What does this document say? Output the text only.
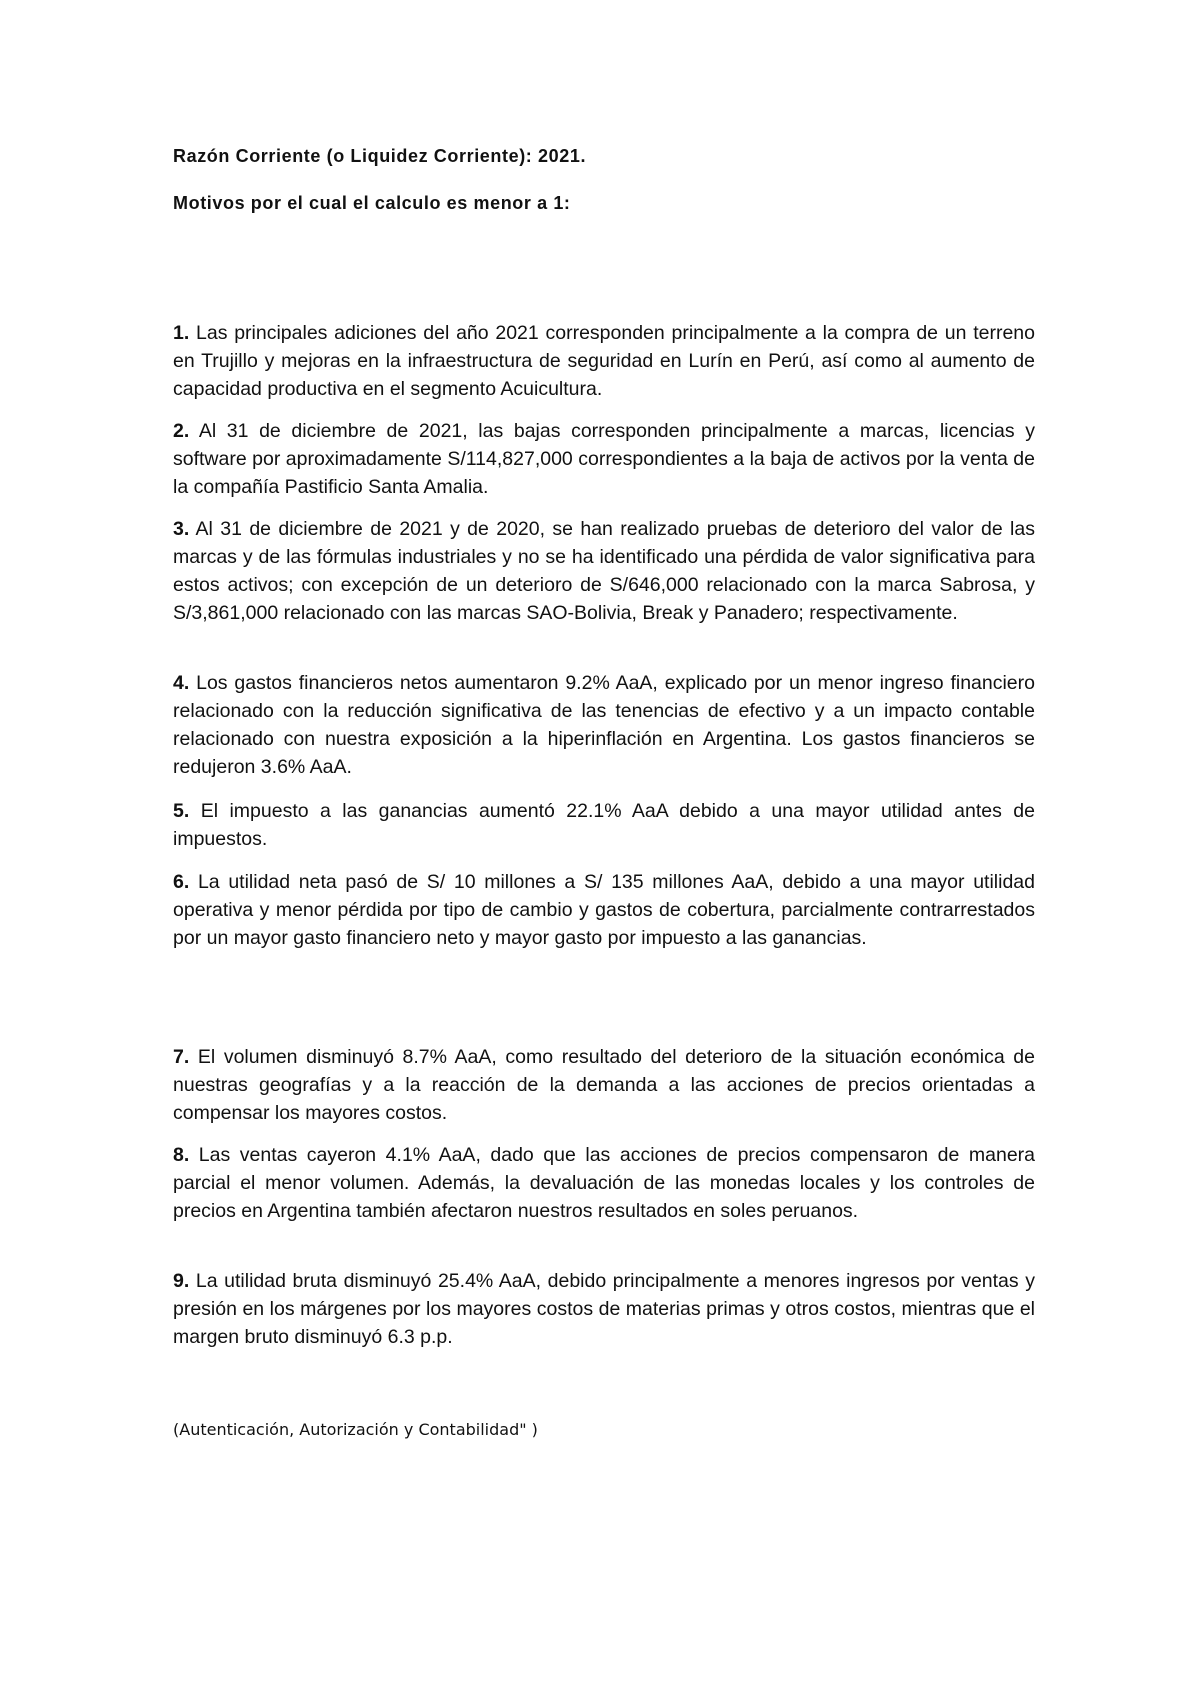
Razón Corriente (o Liquidez Corriente): 2021.
Motivos por el cual el calculo es menor a 1:

1. Las principales adiciones del año 2021 corresponden principalmente a la compra de un terreno en Trujillo y mejoras en la infraestructura de seguridad en Lurín en Perú, así como al aumento de capacidad productiva en el segmento Acuicultura.

2. Al 31 de diciembre de 2021, las bajas corresponden principalmente a marcas, licencias y software por aproximadamente S/114,827,000 correspondientes a la baja de activos por la venta de la compañía Pastificio Santa Amalia.

3. Al 31 de diciembre de 2021 y de 2020, se han realizado pruebas de deterioro del valor de las marcas y de las fórmulas industriales y no se ha identificado una pérdida de valor significativa para estos activos; con excepción de un deterioro de S/646,000 relacionado con la marca Sabrosa, y S/3,861,000 relacionado con las marcas SAO-Bolivia, Break y Panadero; respectivamente.

4. Los gastos financieros netos aumentaron 9.2% AaA, explicado por un menor ingreso financiero relacionado con la reducción significativa de las tenencias de efectivo y a un impacto contable relacionado con nuestra exposición a la hiperinflación en Argentina. Los gastos financieros se redujeron 3.6% AaA.

5. El impuesto a las ganancias aumentó 22.1% AaA debido a una mayor utilidad antes de impuestos.

6. La utilidad neta pasó de S/ 10 millones a S/ 135 millones AaA, debido a una mayor utilidad operativa y menor pérdida por tipo de cambio y gastos de cobertura, parcialmente contrarrestados por un mayor gasto financiero neto y mayor gasto por impuesto a las ganancias.

7. El volumen disminuyó 8.7% AaA, como resultado del deterioro de la situación económica de nuestras geografías y a la reacción de la demanda a las acciones de precios orientadas a compensar los mayores costos.

8. Las ventas cayeron 4.1% AaA, dado que las acciones de precios compensaron de manera parcial el menor volumen. Además, la devaluación de las monedas locales y los controles de precios en Argentina también afectaron nuestros resultados en soles peruanos.

9. La utilidad bruta disminuyó 25.4% AaA, debido principalmente a menores ingresos por ventas y presión en los márgenes por los mayores costos de materias primas y otros costos, mientras que el margen bruto disminuyó 6.3 p.p.

(Autenticación, Autorización y Contabilidad" )
